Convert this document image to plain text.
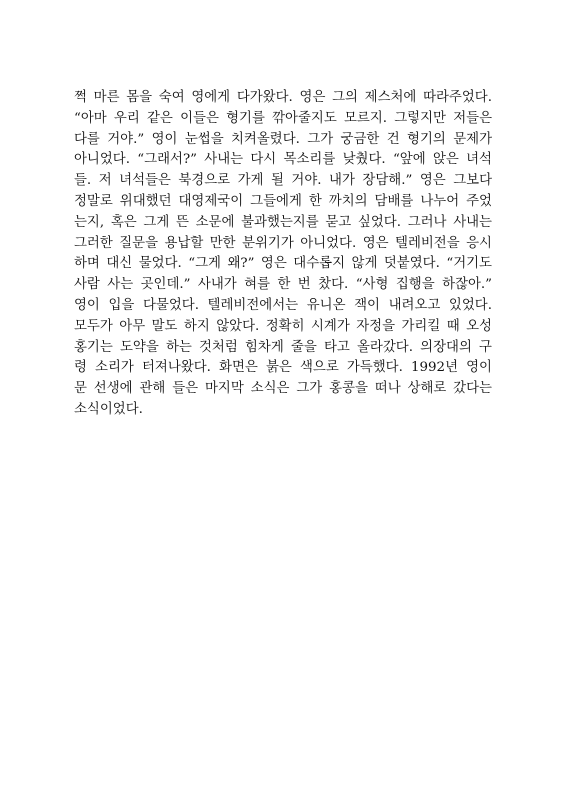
쩍 마른 몸을 숙여 영에게 다가왔다. 영은 그의 제스처에 따라주었다.
“아마 우리 같은 이들은 형기를 깎아줄지도 모르지. 그렇지만 저들은
다를 거야.” 영이 눈썹을 치켜올렸다. 그가 궁금한 건 형기의 문제가
아니었다. “그래서?” 사내는 다시 목소리를 낮췄다. “앞에 앉은 녀석
들. 저 녀석들은 북경으로 가게 될 거야. 내가 장담해.” 영은 그보다
정말로 위대했던 대영제국이 그들에게 한 까치의 담배를 나누어 주었
는지, 혹은 그게 뜬 소문에 불과했는지를 묻고 싶었다. 그러나 사내는
그러한 질문을 용납할 만한 분위기가 아니었다. 영은 텔레비전을 응시
하며 대신 물었다. “그게 왜?” 영은 대수롭지 않게 덧붙였다. “거기도
사람 사는 곳인데.” 사내가 혀를 한 번 찼다. “사형 집행을 하잖아.”
영이 입을 다물었다. 텔레비전에서는 유니온 잭이 내려오고 있었다.
모두가 아무 말도 하지 않았다. 정확히 시계가 자정을 가리킬 때 오성
홍기는 도약을 하는 것처럼 힘차게 줄을 타고 올라갔다. 의장대의 구
령 소리가 터져나왔다. 화면은 붉은 색으로 가득했다. 1992년 영이
문 선생에 관해 들은 마지막 소식은 그가 홍콩을 떠나 상해로 갔다는
소식이었다.
